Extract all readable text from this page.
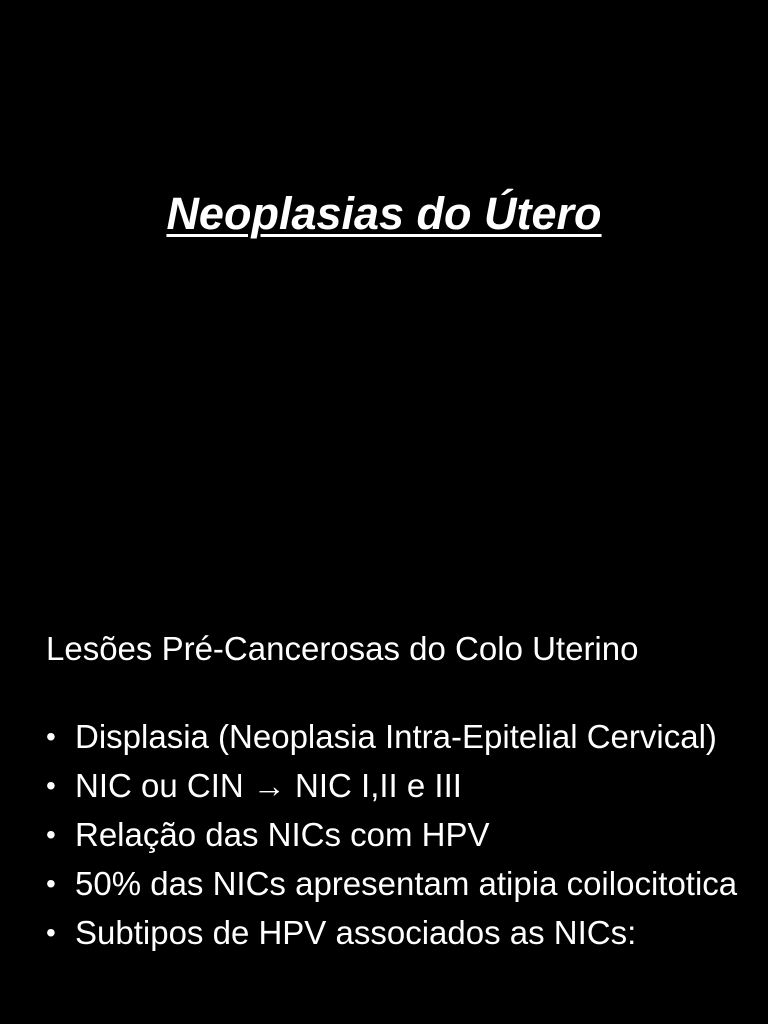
Neoplasias do Útero
Lesões Pré-Cancerosas do Colo Uterino
• Displasia (Neoplasia Intra-Epitelial Cervical)
• NIC ou CIN → NIC I,II e III
• Relação das NICs com HPV
• 50% das NICs apresentam atipia coilocitotica
• Subtipos de HPV associados as NICs:
